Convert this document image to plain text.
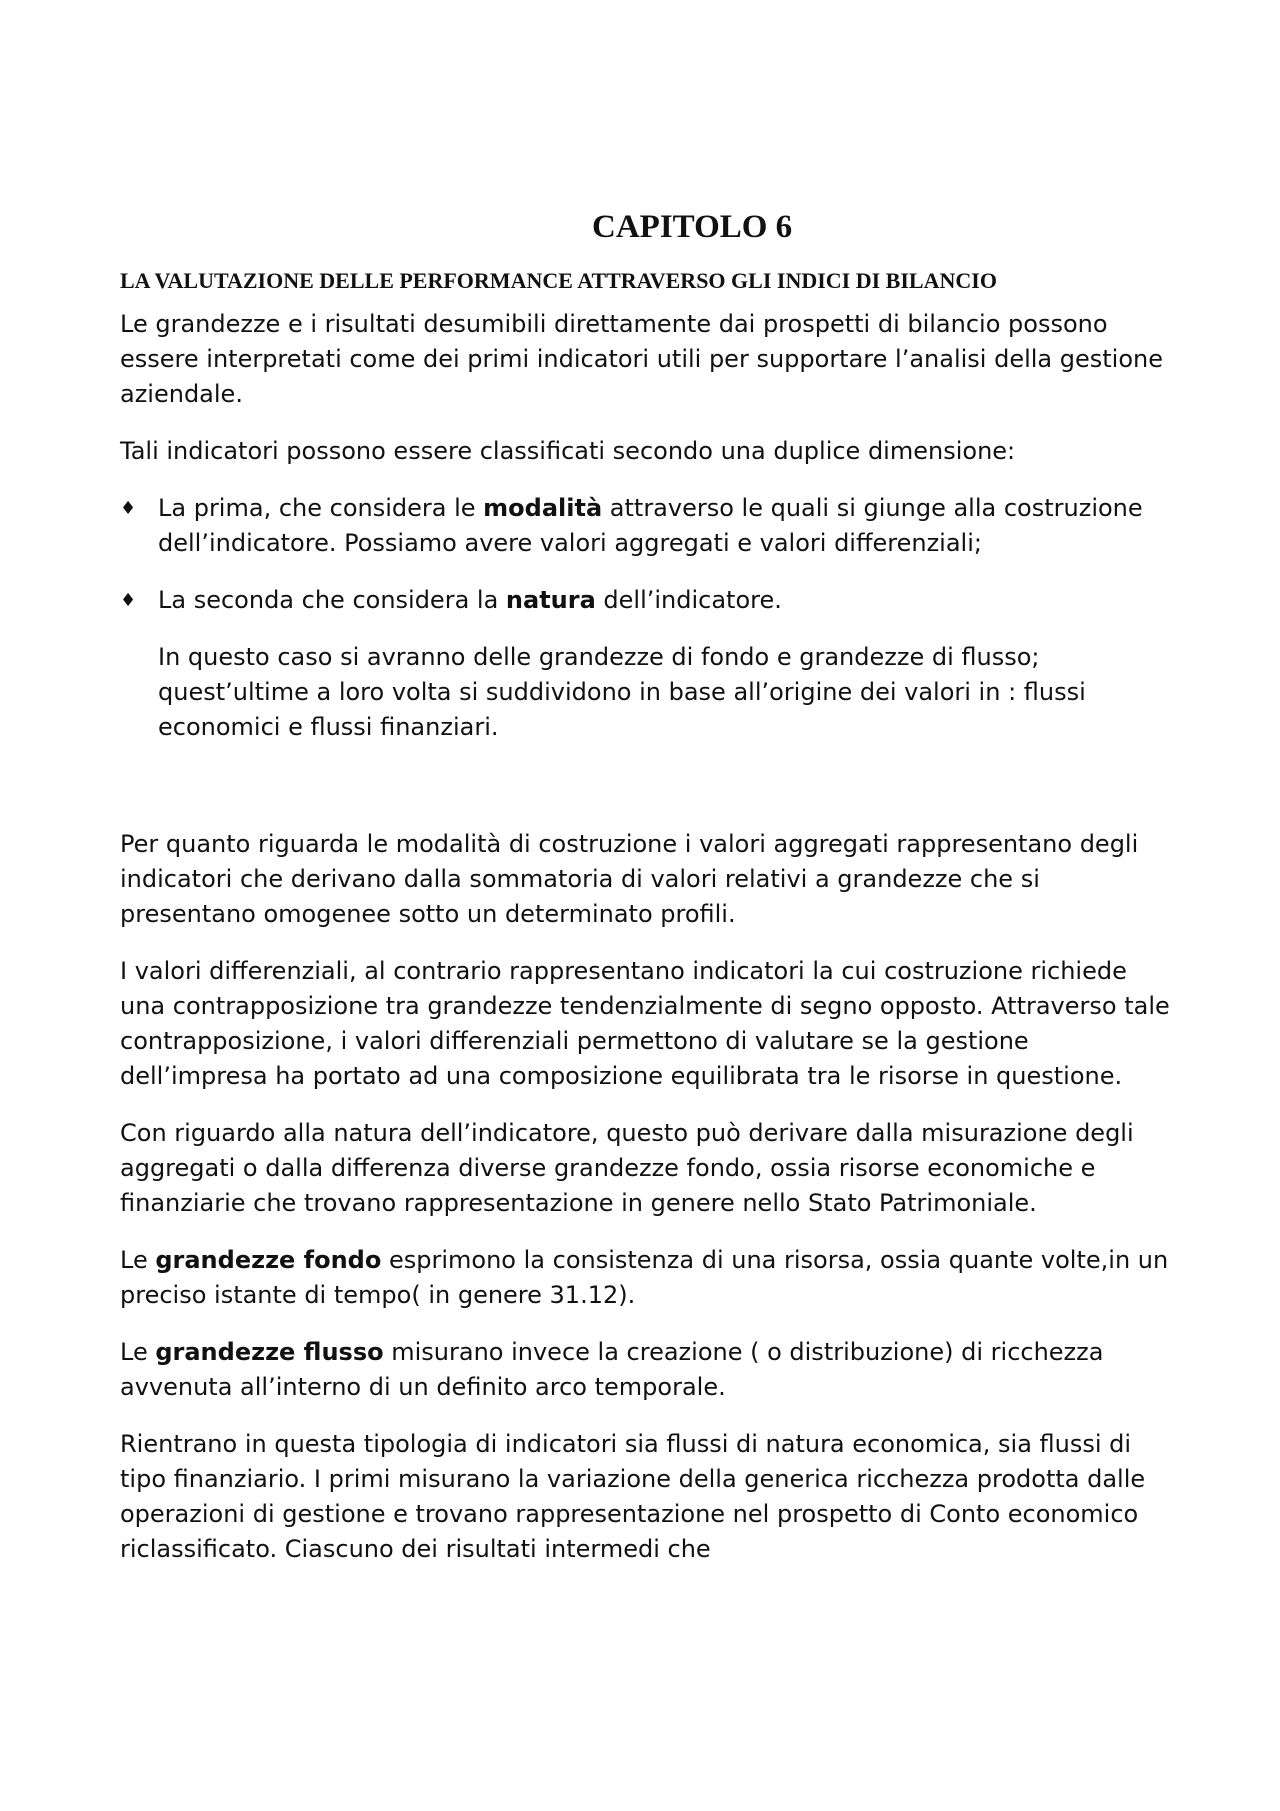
CAPITOLO 6
LA VALUTAZIONE DELLE PERFORMANCE ATTRAVERSO GLI INDICI DI BILANCIO

Le grandezze e i risultati desumibili direttamente dai prospetti di bilancio possono essere interpretati come dei primi indicatori utili per supportare l’analisi della gestione aziendale.

Tali indicatori possono essere classificati secondo una duplice dimensione:

♦ La prima, che considera le modalità attraverso le quali si giunge alla costruzione dell’indicatore. Possiamo avere valori aggregati e valori differenziali;
♦ La seconda che considera la natura dell’indicatore.

In questo caso si avranno delle grandezze di fondo e grandezze di flusso; quest’ultime a loro volta si suddividono in base all’origine dei valori in : flussi economici e flussi finanziari.

Per quanto riguarda le modalità di costruzione i valori aggregati rappresentano degli indicatori che derivano dalla sommatoria di valori relativi a grandezze che si presentano omogenee sotto un determinato profili.

I valori differenziali, al contrario rappresentano indicatori la cui costruzione richiede una contrapposizione tra grandezze tendenzialmente di segno opposto. Attraverso tale contrapposizione, i valori differenziali permettono di valutare se la gestione dell’impresa ha portato ad una composizione equilibrata tra le risorse in questione.

Con riguardo alla natura dell’indicatore, questo può derivare dalla misurazione degli aggregati o dalla differenza diverse grandezze fondo, ossia risorse economiche e finanziarie che trovano rappresentazione in genere nello Stato Patrimoniale.

Le grandezze fondo esprimono la consistenza di una risorsa, ossia quante volte,in un preciso istante di tempo( in genere 31.12).

Le grandezze flusso misurano invece la creazione ( o distribuzione) di ricchezza avvenuta all’interno di un definito arco temporale.

Rientrano in questa tipologia di indicatori sia flussi di natura economica, sia flussi di tipo finanziario. I primi misurano la variazione della generica ricchezza prodotta dalle operazioni di gestione e trovano rappresentazione nel prospetto di Conto economico riclassificato. Ciascuno dei risultati intermedi che
